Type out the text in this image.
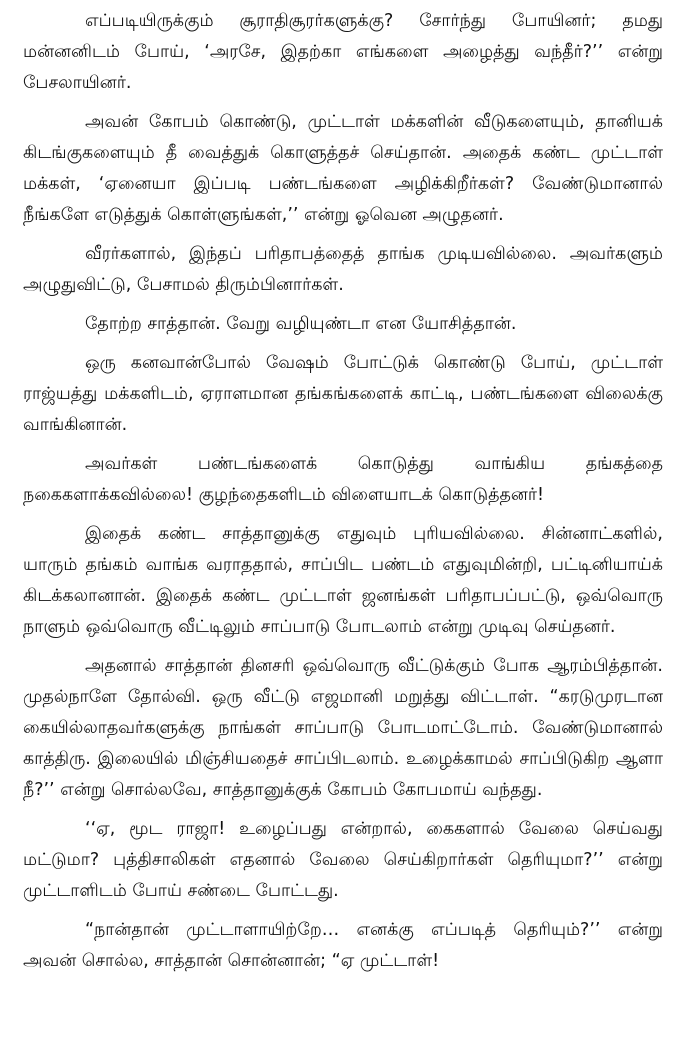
எப்படியிருக்கும் சூராதிசூரர்களுக்கு? சோர்ந்து போயினர்; தமது மன்னனிடம் போய், ‘அரசே, இதற்கா எங்களை அழைத்து வந்தீர்?’’ என்று பேசலாயினர்.

அவன் கோபம் கொண்டு, முட்டாள் மக்களின் வீடுகளையும், தானியக் கிடங்குகளையும் தீ வைத்துக் கொளுத்தச் செய்தான். அதைக் கண்ட முட்டாள் மக்கள், ‘ஏனையா இப்படி பண்டங்களை அழிக்கிறீர்கள்? வேண்டுமானால் நீங்களே எடுத்துக் கொள்ளுங்கள்,’’ என்று ஓவென அழுதனர்.

வீரர்களால், இந்தப் பரிதாபத்தைத் தாங்க முடியவில்லை. அவர்களும் அழுதுவிட்டு, பேசாமல் திரும்பினார்கள்.

தோற்ற சாத்தான். வேறு வழியுண்டா என யோசித்தான்.

ஒரு கனவான்போல் வேஷம் போட்டுக் கொண்டு போய், முட்டாள் ராஜ்யத்து மக்களிடம், ஏராளமான தங்கங்களைக் காட்டி, பண்டங்களை விலைக்கு வாங்கினான்.

அவர்கள் பண்டங்களைக் கொடுத்து வாங்கிய தங்கத்தை நகைகளாக்கவில்லை! குழந்தைகளிடம் விளையாடக் கொடுத்தனர்!

இதைக் கண்ட சாத்தானுக்கு எதுவும் புரியவில்லை. சின்னாட்களில், யாரும் தங்கம் வாங்க வராததால், சாப்பிட பண்டம் எதுவுமின்றி, பட்டினியாய்க் கிடக்கலானான். இதைக் கண்ட முட்டாள் ஜனங்கள் பரிதாபப்பட்டு, ஒவ்வொரு நாளும் ஒவ்வொரு வீட்டிலும் சாப்பாடு போடலாம் என்று முடிவு செய்தனர்.

அதனால் சாத்தான் தினசரி ஒவ்வொரு வீட்டுக்கும் போக ஆரம்பித்தான். முதல்நாளே தோல்வி. ஒரு வீட்டு எஜமானி மறுத்து விட்டாள். “கரடுமுரடான கையில்லாதவர்களுக்கு நாங்கள் சாப்பாடு போடமாட்டோம். வேண்டுமானால் காத்திரு. இலையில் மிஞ்சியதைச் சாப்பிடலாம். உழைக்காமல் சாப்பிடுகிற ஆளா நீ?’’ என்று சொல்லவே, சாத்தானுக்குக் கோபம் கோபமாய் வந்தது.

‘‘ஏ, மூட ராஜா! உழைப்பது என்றால், கைகளால் வேலை செய்வது மட்டுமா? புத்திசாலிகள் எதனால் வேலை செய்கிறார்கள் தெரியுமா?’’ என்று முட்டாளிடம் போய் சண்டை போட்டது.

“நான்தான் முட்டாளாயிற்றே… எனக்கு எப்படித் தெரியும்?’’ என்று அவன் சொல்ல, சாத்தான் சொன்னான்; “ஏ முட்டாள்!
